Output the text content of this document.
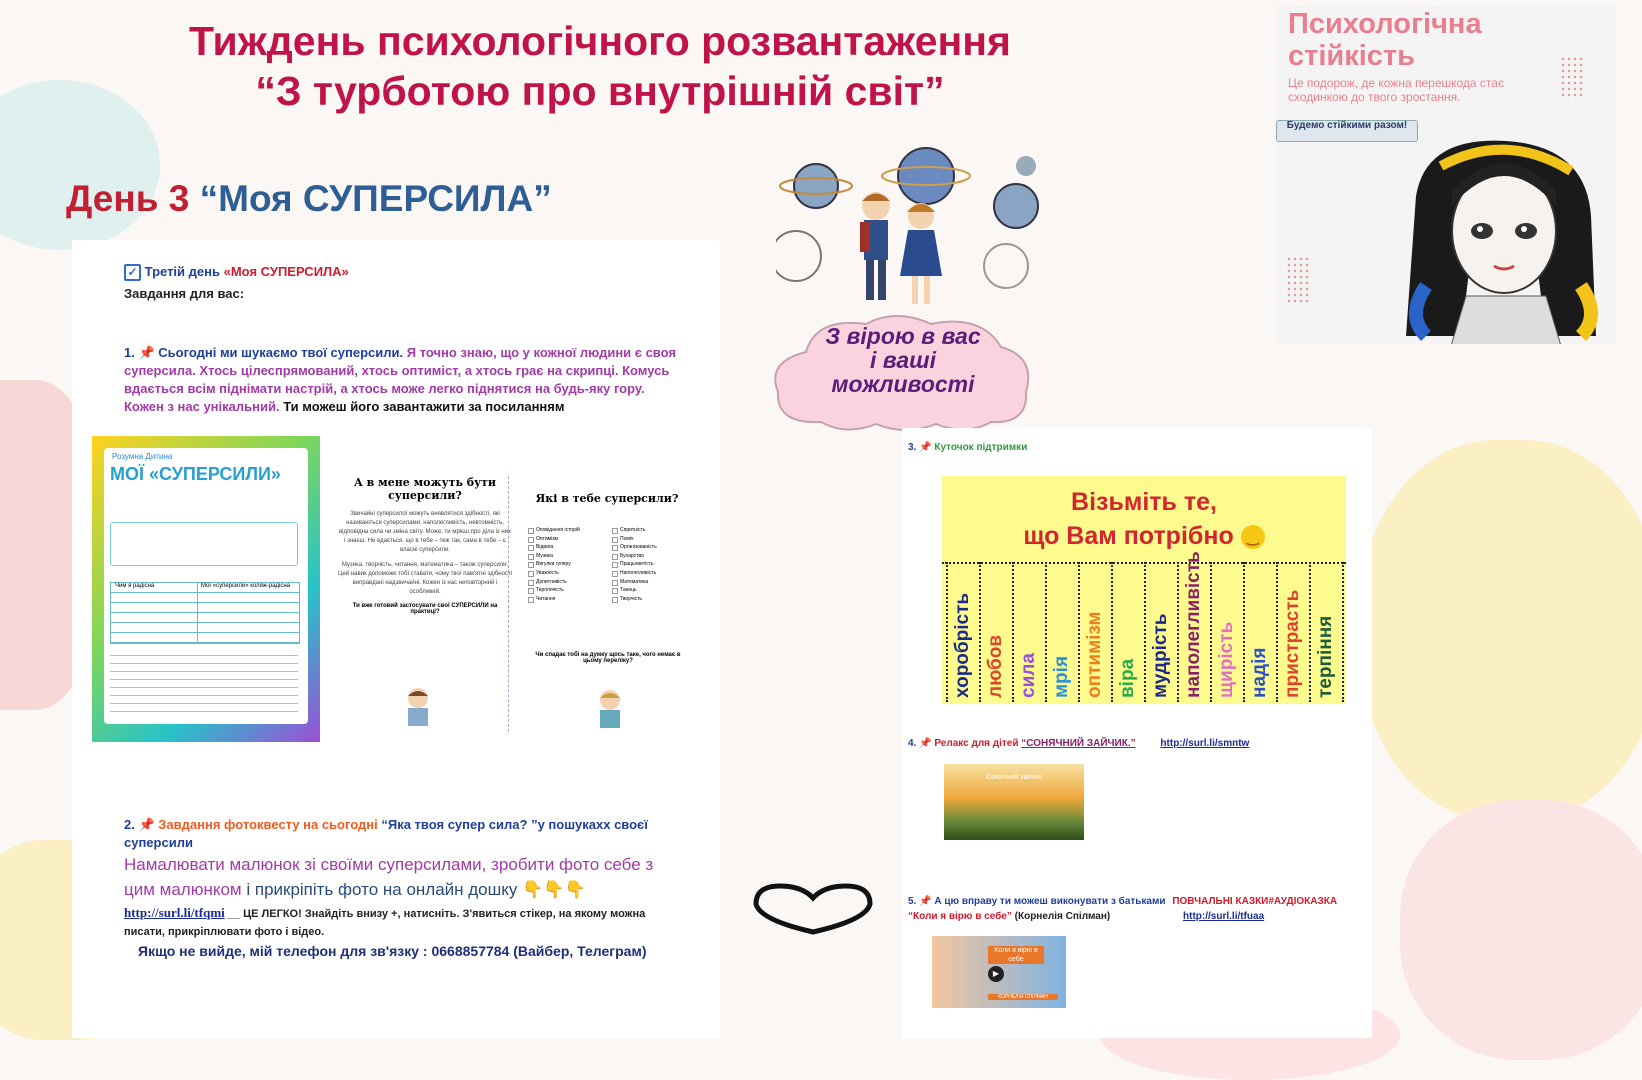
Тиждень психологічного розвантаження
“З турботою про внутрішній світ”
День 3 “Моя СУПЕРСИЛА”
Психологічна
стійкість
Це подорож, де кожна перешкода стає сходинкою до твого зростання.
Будемо стійкими разом!
З вірою в вас
і ваші
можливості
✓ Третій день «Моя СУПЕРСИЛА»
Завдання для вас:
1. 📌 Сьогодні ми шукаємо твої суперсили. Я точно знаю, що у кожної людини є своя суперсила. Хтось цілеспрямований, хтось оптиміст, а хтось грає на скрипці. Комусь вдається всім піднімати настрій, а хтось може легко піднятися на будь-яку гору. Кожен з нас унікальний. Ти можеш його завантажити за посиланням
Розумна Дитина
МОЇ «СУПЕРСИЛИ»
Чим я радісна	Мої «суперсили» коляж-радісна
А в мене можуть бути суперсили?
Звичайні суперсилої можуть виявлятися здібності, які називаються суперсилами: наполегливість, невтомність, відповідна сила чи зміна світу. Може, ти мрієш про діла із них і знаєш. Не вдається, що в тебе – теж так, сама в тебе – є власні суперсили.
Музика, творчість, читання, математика – також суперсили. Цей навик допоможе тобі ставати, чому твої пам'ятні здібності виправдані надзвичайні. Кожен із нас неповторний і особливий.
Ти вже готовий застосувати свої СУПЕРСИЛИ на практиці?
Які в тебе суперсили?
Оповідання історій
Оптимізм
Відвага
Музика
Вигулки гуляру
Уважність
Допитливість
Терплячість
Читання
Спритність
Поміч
Організованість
Бухарство
Працьовитість
Наполегливість
Математика
Танець
Творчість
Чи спадає тобі на думку щось таке, чого немає в цьому переліку?
2. 📌 Завдання фотоквесту на сьогодні “Яка твоя супер сила? ”у пошукахх своєї суперсили
Намалювати малюнок зі своїми суперсилами, зробити фото себе з цим малюнком і прикріпіть фото на онлайн дошку 👇👇👇
http://surl.li/tfqmi __ ЦЕ ЛЕГКО! Знайдіть внизу +, натисніть. З'явиться стікер, на якому можна писати, прикріплювати фото і відео.
Якщо не вийде, мій телефон для зв'язку : 0668857784 (Вайбер, Телеграм)
3. 📌 Куточок підтримки
Візьміть те,
що Вам потрібно ‿
хоробрість любов сила мрія оптимізм віра мудрість наполегливість щирість надія пристрасть терпіння
4. 📌 Релакс для дітей “СОНЯЧНИЙ ЗАЙЧИК.” http://surl.li/smntw
Сонячний зайчик
5. 📌 А цю вправу ти можеш виконувати з батьками ПОВЧАЛЬНІ КАЗКИ#АУДІОКАЗКА
“Коли я вірю в себе” (Корнелія Спілман)	http://surl.li/tfuaa
Коли я вірю в себе
▶
КОРНЕЛІЯ СПІЛМАН
